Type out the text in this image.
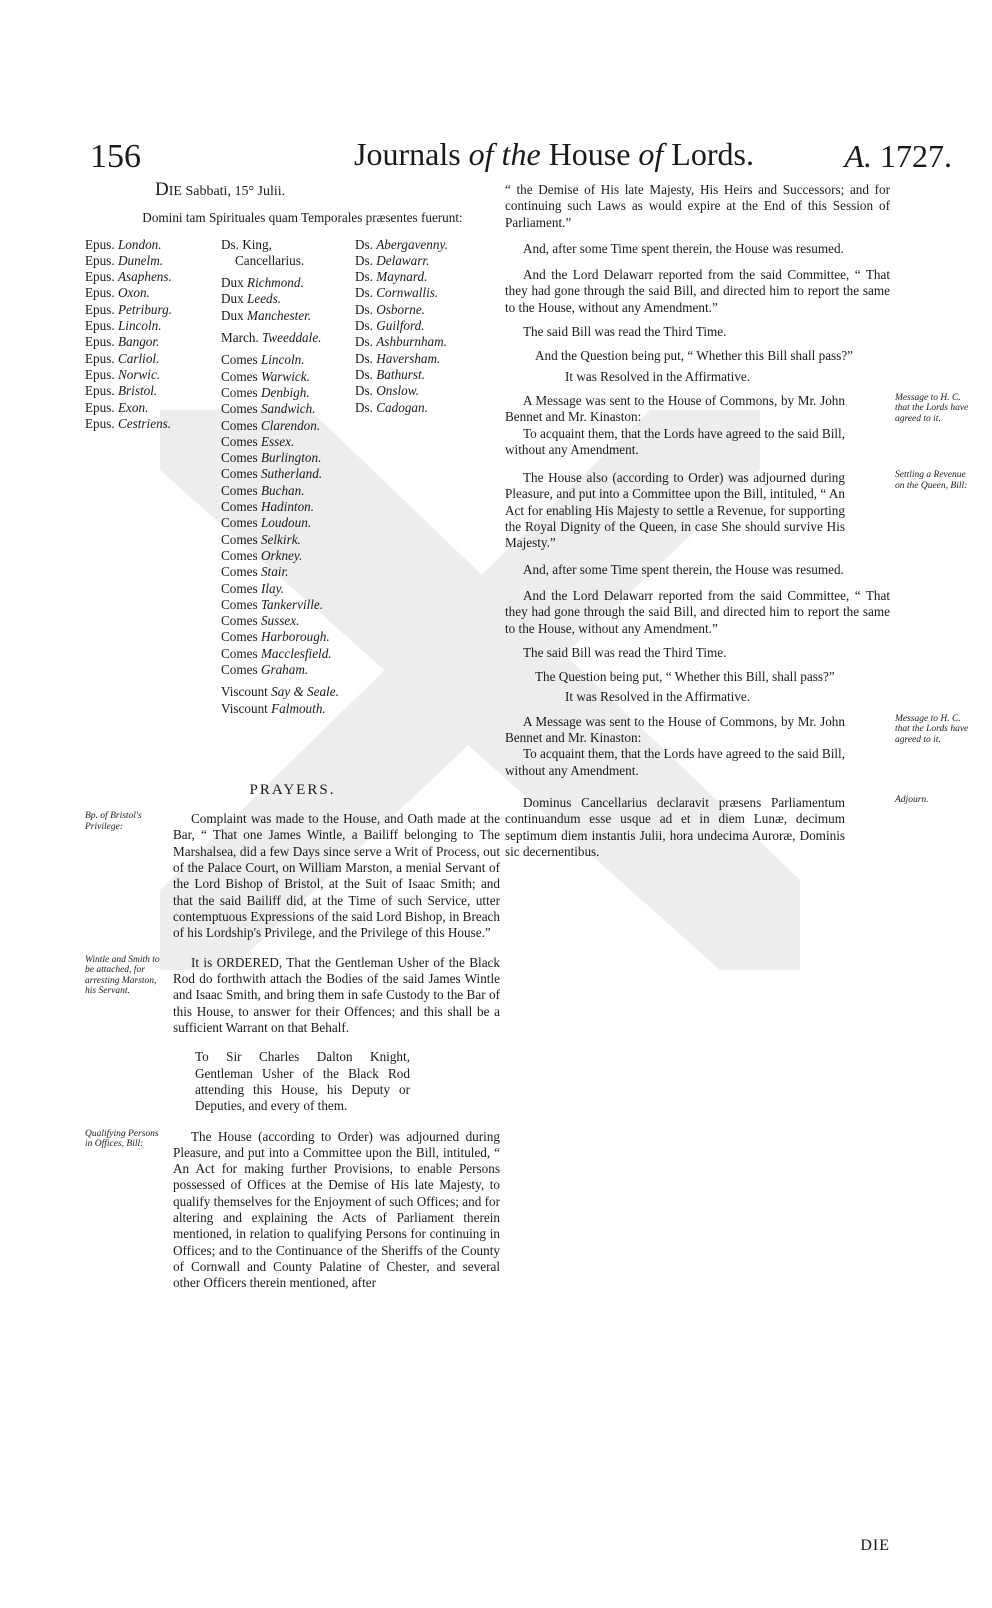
156	Journals of the House of Lords.	A. 1727.

DIE Sabbati, 15° Julii.

Domini tam Spirituales quam Temporales præsentes fuerunt:

Epus. London.
Epus. Dunelm.
Epus. Asaphens.
Epus. Oxon.
Epus. Petriburg.
Epus. Lincoln.
Epus. Bangor.
Epus. Carliol.
Epus. Norwic.
Epus. Bristol.
Epus. Exon.
Epus. Cestriens.
Ds. King,
Cancellarius.
Dux Richmond.
Dux Leeds.
Dux Manchester.
March. Tweeddale.
Comes Lincoln.
Comes Warwick.
Comes Denbigh.
Comes Sandwich.
Comes Clarendon.
Comes Essex.
Comes Burlington.
Comes Sutherland.
Comes Buchan.
Comes Hadinton.
Comes Loudoun.
Comes Selkirk.
Comes Orkney.
Comes Stair.
Comes Ilay.
Comes Tankerville.
Comes Sussex.
Comes Harborough.
Comes Macclesfield.
Comes Graham.
Viscount Say & Seale.
Viscount Falmouth.
Ds. Abergavenny.
Ds. Delawarr.
Ds. Maynard.
Ds. Cornwallis.
Ds. Osborne.
Ds. Guilford.
Ds. Ashburnham.
Ds. Haversham.
Ds. Bathurst.
Ds. Onslow.
Ds. Cadogan.

PRAYERS.

Bp. of Bristol's Privilege:

Complaint was made to the House, and Oath made at the Bar, “ That one James Wintle, a Bailiff belonging to The Marshalsea, did a few Days since serve a Writ of Process, out of the Palace Court, on William Marston, a menial Servant of the Lord Bishop of Bristol, at the Suit of Isaac Smith; and that the said Bailiff did, at the Time of such Service, utter contemptuous Expressions of the said Lord Bishop, in Breach of his Lordship's Privilege, and the Privilege of this House.”

Wintle and Smith to be attached, for arresting Marston, his Servant.

It is ORDERED, That the Gentleman Usher of the Black Rod do forthwith attach the Bodies of the said James Wintle and Isaac Smith, and bring them in safe Custody to the Bar of this House, to answer for their Offences; and this shall be a sufficient Warrant on that Behalf.

To Sir Charles Dalton Knight, Gentleman Usher of the Black Rod attending this House, his Deputy or Deputies, and every of them.

Qualifying Persons in Offices, Bill:

The House (according to Order) was adjourned during Pleasure, and put into a Committee upon the Bill, intituled, “ An Act for making further Provisions, to enable Persons possessed of Offices at the Demise of His late Majesty, to qualify themselves for the Enjoyment of such Offices; and for altering and explaining the Acts of Parliament therein mentioned, in relation to qualifying Persons for continuing in Offices; and to the Continuance of the Sheriffs of the County of Cornwall and County Palatine of Chester, and several other Officers therein mentioned, after

“ the Demise of His late Majesty, His Heirs and Successors; and for continuing such Laws as would expire at the End of this Session of Parliament.”

And, after some Time spent therein, the House was resumed.

And the Lord Delawarr reported from the said Committee, “ That they had gone through the said Bill, and directed him to report the same to the House, without any Amendment.”

The said Bill was read the Third Time.

And the Question being put, “ Whether this Bill shall pass?”

It was Resolved in the Affirmative.

Message to H. C. that the Lords have agreed to it.

A Message was sent to the House of Commons, by Mr. John Bennet and Mr. Kinaston:

To acquaint them, that the Lords have agreed to the said Bill, without any Amendment.

Settling a Revenue on the Queen, Bill:

The House also (according to Order) was adjourned during Pleasure, and put into a Committee upon the Bill, intituled, “ An Act for enabling His Majesty to settle a Revenue, for supporting the Royal Dignity of the Queen, in case She should survive His Majesty.”

And, after some Time spent therein, the House was resumed.

And the Lord Delawarr reported from the said Committee, “ That they had gone through the said Bill, and directed him to report the same to the House, without any Amendment.”

The said Bill was read the Third Time.

The Question being put, “ Whether this Bill, shall pass?”

It was Resolved in the Affirmative.

Message to H. C. that the Lords have agreed to it.

A Message was sent to the House of Commons, by Mr. John Bennet and Mr. Kinaston:

To acquaint them, that the Lords have agreed to the said Bill, without any Amendment.

Adjourn.

Dominus Cancellarius declaravit præsens Parliamentum continuandum esse usque ad et in diem Lunæ, decimum septimum diem instantis Julii, hora undecima Auroræ, Dominis sic decernentibus.

DIE
